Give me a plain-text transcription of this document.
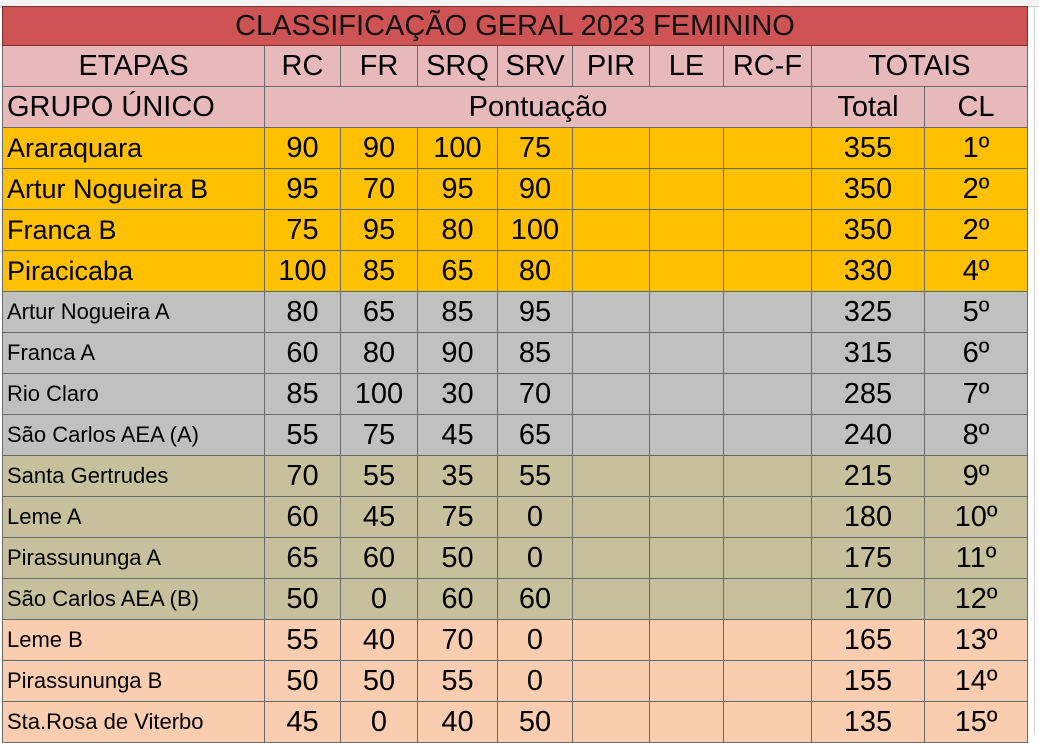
CLASSIFICAÇÃO GERAL 2023 FEMININO									
ETAPAS	RC	FR	SRQ	SRV	PIR	LE	RC-F	TOTAIS	
GRUPO ÚNICO	Pontuação							Total	CL
Araraquara	90	90	100	75				355	1º
Artur Nogueira B	95	70	95	90				350	2º
Franca B	75	95	80	100				350	2º
Piracicaba	100	85	65	80				330	4º
Artur Nogueira A	80	65	85	95				325	5º
Franca A	60	80	90	85				315	6º
Rio Claro	85	100	30	70				285	7º
São Carlos AEA (A)	55	75	45	65				240	8º
Santa Gertrudes	70	55	35	55				215	9º
Leme A	60	45	75	0				180	10º
Pirassununga A	65	60	50	0				175	11º
São Carlos AEA (B)	50	0	60	60				170	12º
Leme B	55	40	70	0				165	13º
Pirassununga B	50	50	55	0				155	14º
Sta.Rosa de Viterbo	45	0	40	50				135	15º
